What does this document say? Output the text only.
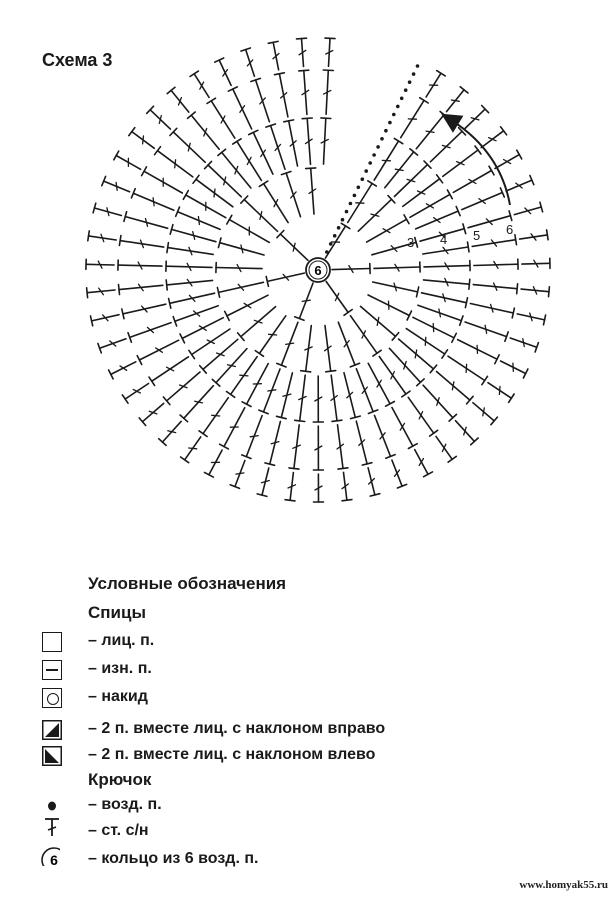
Схема 3
6
3 4 5 6
Условные обозначения
Спицы
– лиц. п.
– изн. п.
– накид
– 2 п. вместе лиц. с наклоном вправо
– 2 п. вместе лиц. с наклоном влево
Крючок
– возд. п.
– ст. с/н
6 – кольцо из 6 возд. п.
www.homyak55.ru
